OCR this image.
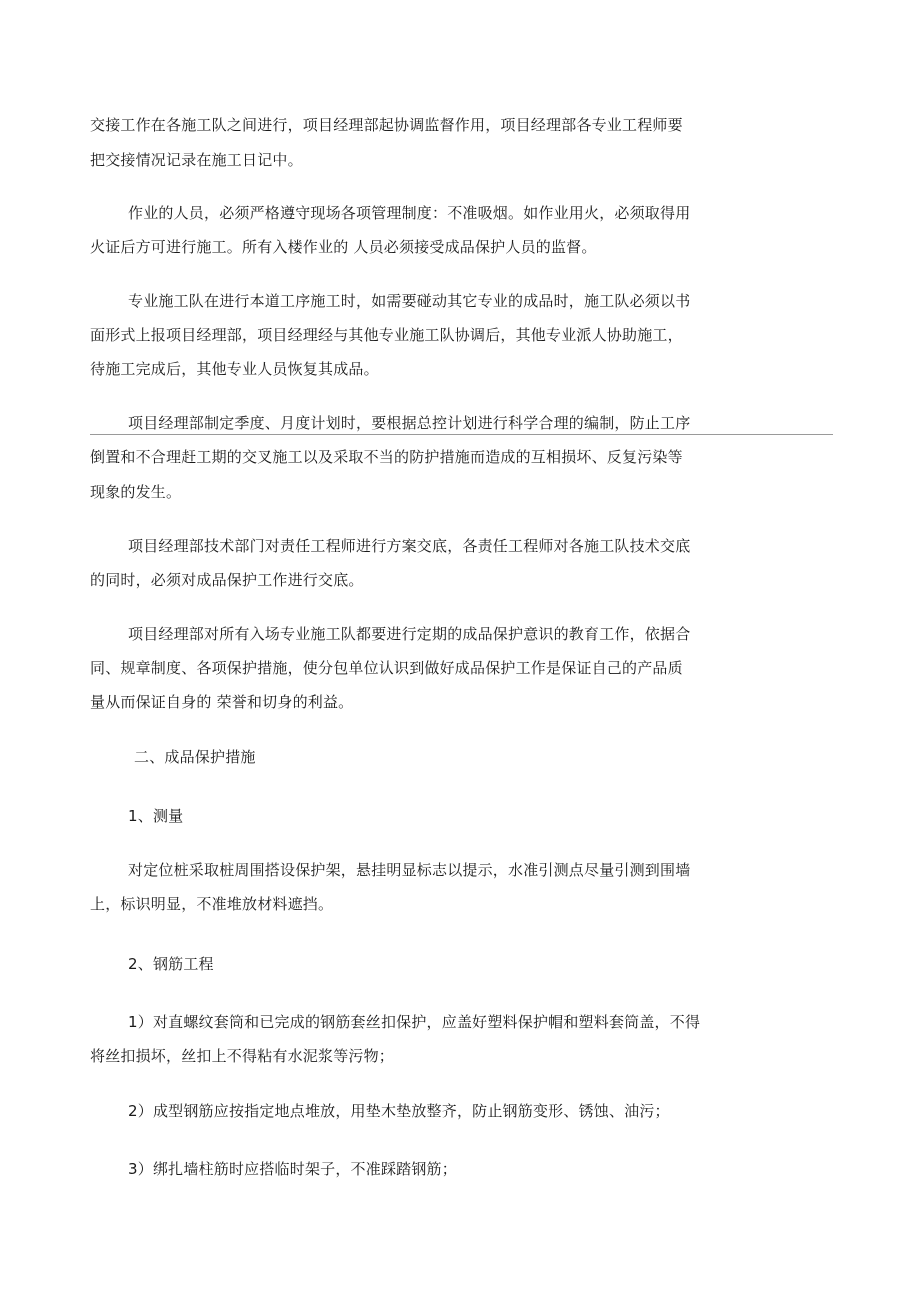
交接工作在各施工队之间进行，项目经理部起协调监督作用，项目经理部各专业工程师要
把交接情况记录在施工日记中。
作业的人员，必须严格遵守现场各项管理制度：不准吸烟。如作业用火，必须取得用
火证后方可进行施工。所有入楼作业的 人员必须接受成品保护人员的监督。
专业施工队在进行本道工序施工时，如需要碰动其它专业的成品时，施工队必须以书
面形式上报项目经理部，项目经理经与其他专业施工队协调后，其他专业派人协助施工，
待施工完成后，其他专业人员恢复其成品。
项目经理部制定季度、月度计划时，要根据总控计划进行科学合理的编制，防止工序
倒置和不合理赶工期的交叉施工以及采取不当的防护措施而造成的互相损坏、反复污染等
现象的发生。
项目经理部技术部门对责任工程师进行方案交底，各责任工程师对各施工队技术交底
的同时，必须对成品保护工作进行交底。
项目经理部对所有入场专业施工队都要进行定期的成品保护意识的教育工作，依据合
同、规章制度、各项保护措施，使分包单位认识到做好成品保护工作是保证自己的产品质
量从而保证自身的 荣誉和切身的利益。
二、成品保护措施
1、测量
对定位桩采取桩周围搭设保护架，悬挂明显标志以提示，水准引测点尽量引测到围墙
上，标识明显，不准堆放材料遮挡。
2、钢筋工程
1）对直螺纹套筒和已完成的钢筋套丝扣保护，应盖好塑料保护帽和塑料套筒盖，不得
将丝扣损坏，丝扣上不得粘有水泥浆等污物；
2）成型钢筋应按指定地点堆放，用垫木垫放整齐，防止钢筋变形、锈蚀、油污；
3）绑扎墙柱筋时应搭临时架子，不准踩踏钢筋；
